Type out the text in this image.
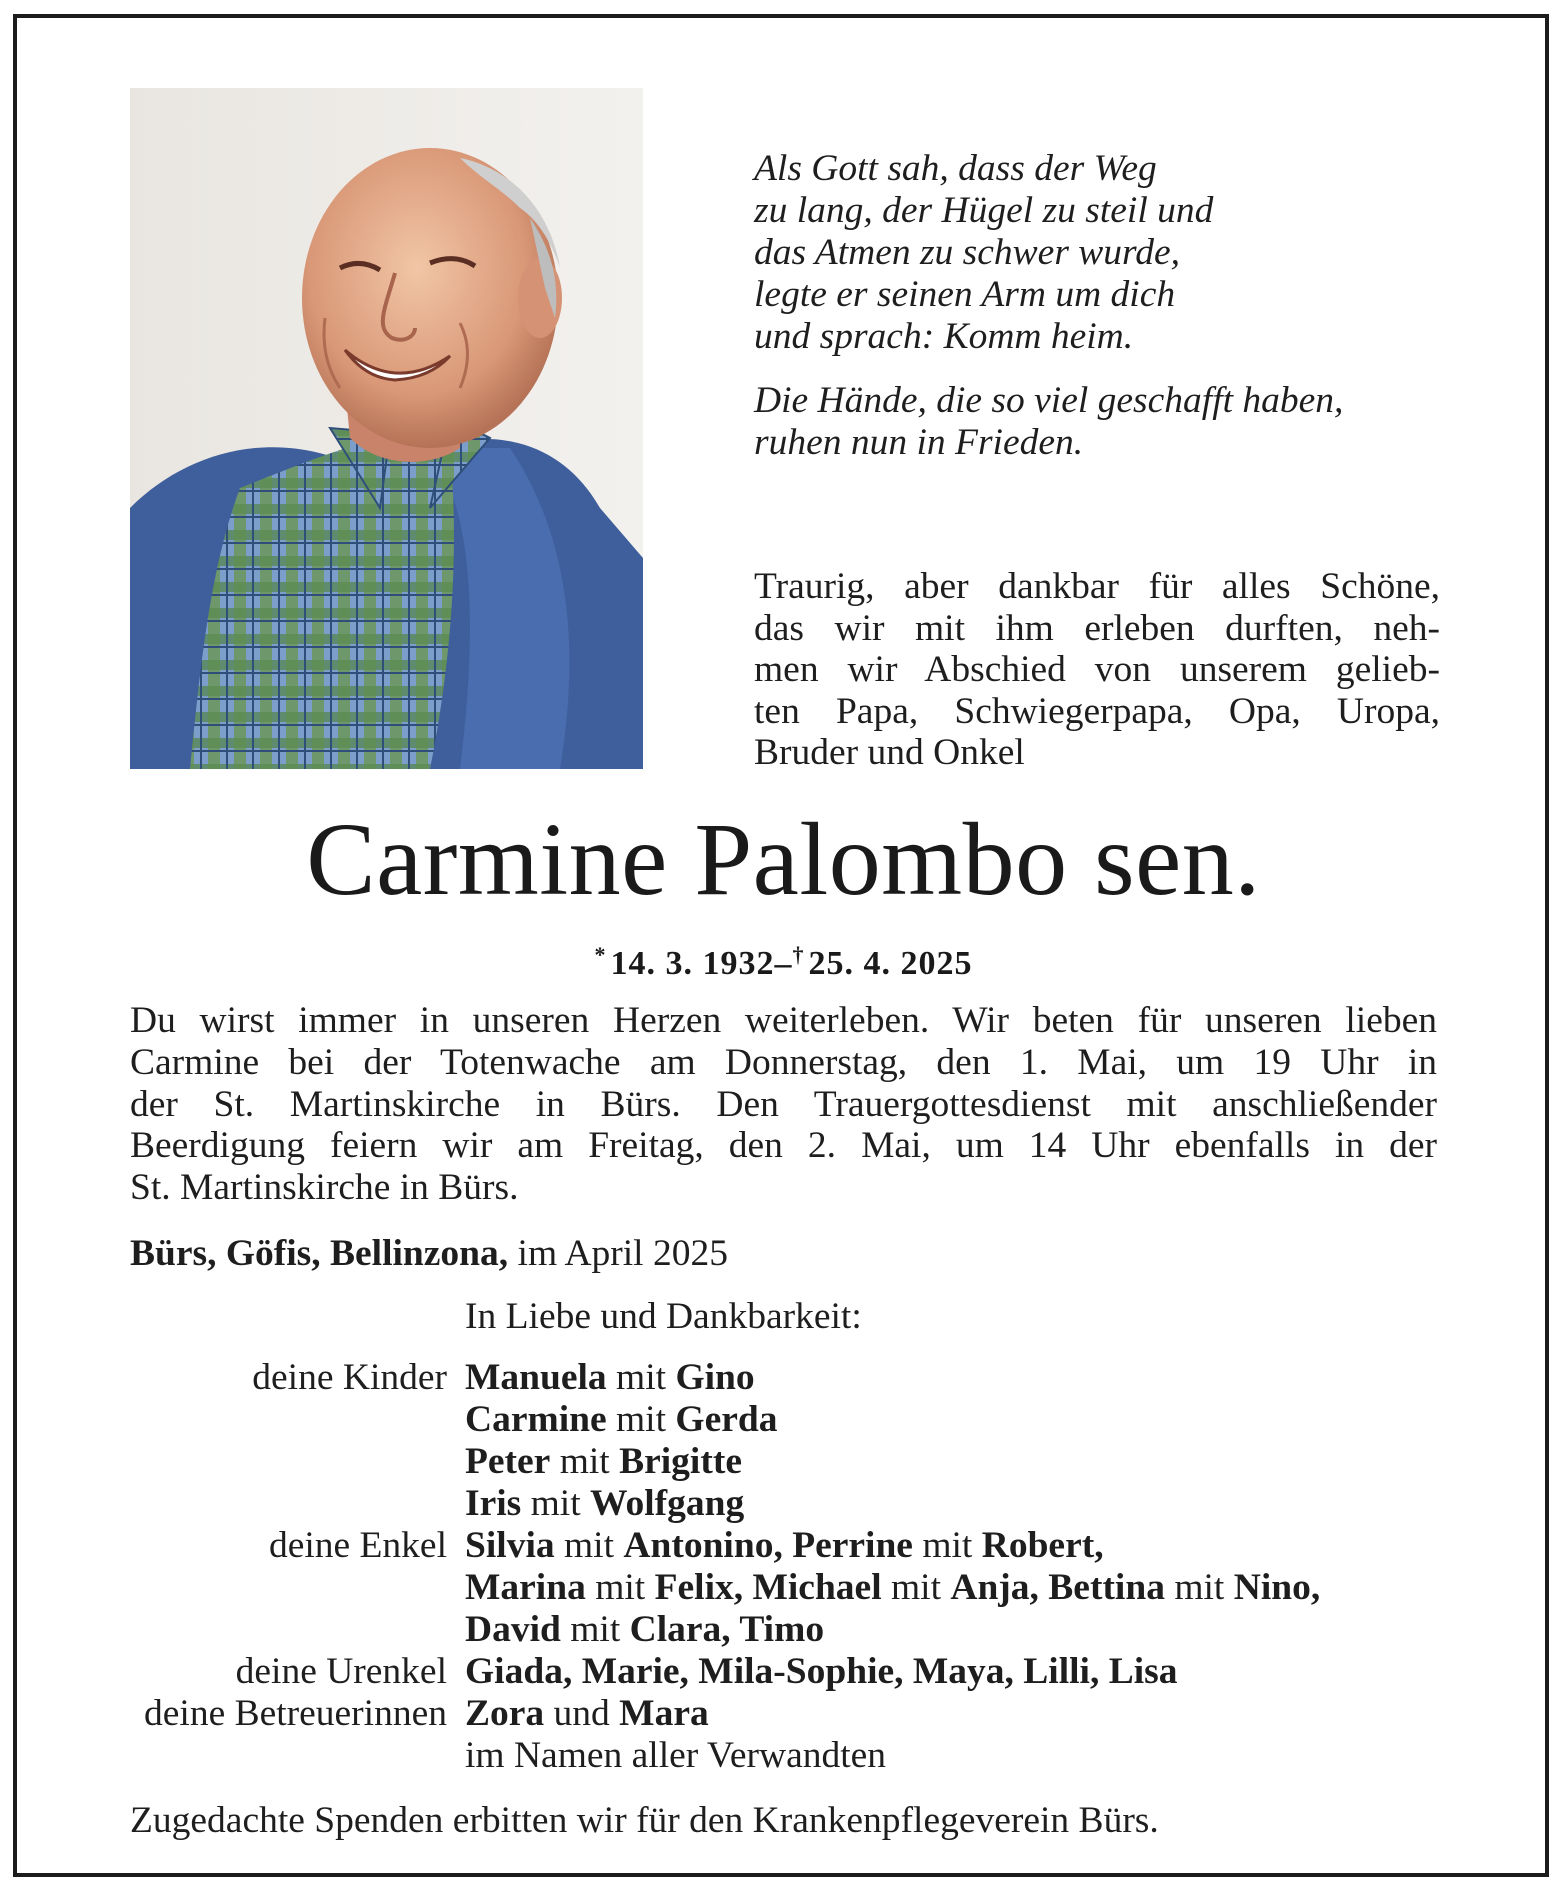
Als Gott sah, dass der Weg

zu lang, der Hügel zu steil und

das Atmen zu schwer wurde,

legte er seinen Arm um dich

und sprach: Komm heim.

Die Hände, die so viel geschafft haben,

ruhen nun in Frieden.

Traurig, aber dankbar für alles Schöne,
das wir mit ihm erleben durften, neh-
men wir Abschied von unserem gelieb-
ten Papa, Schwiegerpapa, Opa, Uropa,
Bruder und Onkel
Carmine Palombo sen.
* 14. 3. 1932–† 25. 4. 2025
Du wirst immer in unseren Herzen weiterleben. Wir beten für unseren lieben
Carmine bei der Totenwache am Donnerstag, den 1. Mai, um 19 Uhr in
der St. Martinskirche in Bürs. Den Trauergottesdienst mit anschließender
Beerdigung feiern wir am Freitag, den 2. Mai, um 14 Uhr ebenfalls in der
St. Martinskirche in Bürs.
Bürs, Göfis, Bellinzona, im April 2025
In Liebe und Dankbarkeit:
deine Kinder
deine Enkel
deine Urenkel
deine Betreuerinnen
Manuela mit Gino
Carmine mit Gerda
Peter mit Brigitte
Iris mit Wolfgang
Silvia mit Antonino, Perrine mit Robert,
Marina mit Felix, Michael mit Anja, Bettina mit Nino,
David mit Clara, Timo
Giada, Marie, Mila-Sophie, Maya, Lilli, Lisa
Zora und Mara
im Namen aller Verwandten
Zugedachte Spenden erbitten wir für den Krankenpflegeverein Bürs.
